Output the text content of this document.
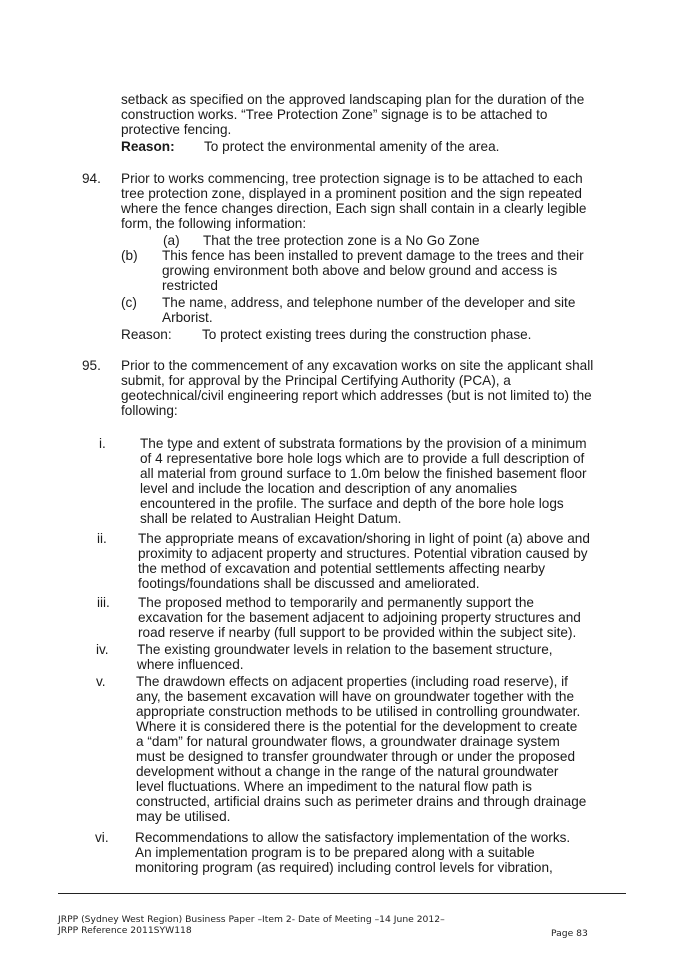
setback as specified on the approved landscaping plan for the duration of the
construction works. “Tree Protection Zone” signage is to be attached to
protective fencing.
Reason: To protect the environmental amenity of the area.
94. Prior to works commencing, tree protection signage is to be attached to each
tree protection zone, displayed in a prominent position and the sign repeated
where the fence changes direction, Each sign shall contain in a clearly legible
form, the following information:
(a) That the tree protection zone is a No Go Zone
(b) This fence has been installed to prevent damage to the trees and their
growing environment both above and below ground and access is
restricted
(c) The name, address, and telephone number of the developer and site
Arborist.
Reason: To protect existing trees during the construction phase.
95. Prior to the commencement of any excavation works on site the applicant shall
submit, for approval by the Principal Certifying Authority (PCA), a
geotechnical/civil engineering report which addresses (but is not limited to) the
following:
i.	The type and extent of substrata formations by the provision of a minimum
of 4 representative bore hole logs which are to provide a full description of
all material from ground surface to 1.0m below the finished basement floor
level and include the location and description of any anomalies
encountered in the profile. The surface and depth of the bore hole logs
shall be related to Australian Height Datum.
ii. The appropriate means of excavation/shoring in light of point (a) above and
proximity to adjacent property and structures. Potential vibration caused by
the method of excavation and potential settlements affecting nearby
footings/foundations shall be discussed and ameliorated.
iii. The proposed method to temporarily and permanently support the
excavation for the basement adjacent to adjoining property structures and
road reserve if nearby (full support to be provided within the subject site).
iv. The existing groundwater levels in relation to the basement structure,
where influenced.
v. The drawdown effects on adjacent properties (including road reserve), if
any, the basement excavation will have on groundwater together with the
appropriate construction methods to be utilised in controlling groundwater.
Where it is considered there is the potential for the development to create
a “dam” for natural groundwater flows, a groundwater drainage system
must be designed to transfer groundwater through or under the proposed
development without a change in the range of the natural groundwater
level fluctuations. Where an impediment to the natural flow path is
constructed, artificial drains such as perimeter drains and through drainage
may be utilised.
vi. Recommendations to allow the satisfactory implementation of the works.
An implementation program is to be prepared along with a suitable
monitoring program (as required) including control levels for vibration,
JRPP (Sydney West Region) Business Paper –Item 2- Date of Meeting –14 June 2012–
JRPP Reference 2011SYW118	Page 83
